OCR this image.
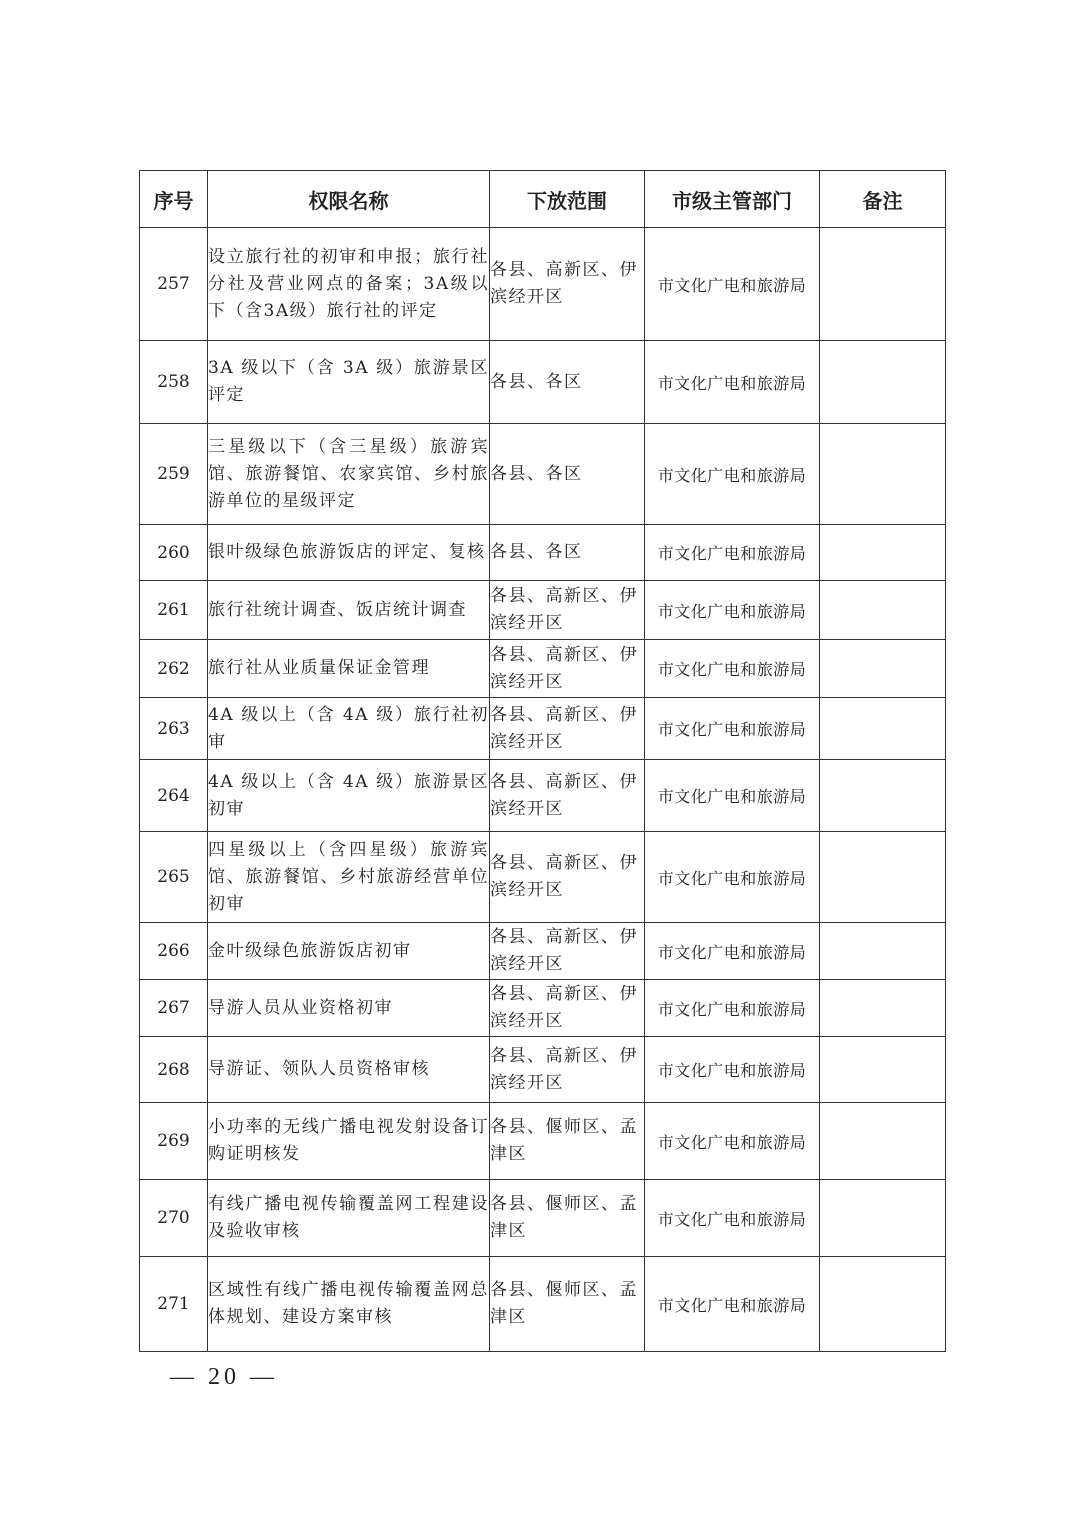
序号	权限名称	下放范围	市级主管部门	备注
257	设立旅行社的初审和申报；旅行社分社及营业网点的备案；3A级以下（含3A级）旅行社的评定	各县、高新区、伊滨经开区	市文化广电和旅游局	
258	3A 级以下（含 3A 级）旅游景区评定	各县、各区	市文化广电和旅游局	
259	三星级以下（含三星级）旅游宾馆、旅游餐馆、农家宾馆、乡村旅游单位的星级评定	各县、各区	市文化广电和旅游局	
260	银叶级绿色旅游饭店的评定、复核	各县、各区	市文化广电和旅游局	
261	旅行社统计调查、饭店统计调查	各县、高新区、伊滨经开区	市文化广电和旅游局	
262	旅行社从业质量保证金管理	各县、高新区、伊滨经开区	市文化广电和旅游局	
263	4A 级以上（含 4A 级）旅行社初审	各县、高新区、伊滨经开区	市文化广电和旅游局	
264	4A 级以上（含 4A 级）旅游景区初审	各县、高新区、伊滨经开区	市文化广电和旅游局	
265	四星级以上（含四星级）旅游宾馆、旅游餐馆、乡村旅游经营单位初审	各县、高新区、伊滨经开区	市文化广电和旅游局	
266	金叶级绿色旅游饭店初审	各县、高新区、伊滨经开区	市文化广电和旅游局	
267	导游人员从业资格初审	各县、高新区、伊滨经开区	市文化广电和旅游局	
268	导游证、领队人员资格审核	各县、高新区、伊滨经开区	市文化广电和旅游局	
269	小功率的无线广播电视发射设备订购证明核发	各县、偃师区、孟津区	市文化广电和旅游局	
270	有线广播电视传输覆盖网工程建设及验收审核	各县、偃师区、孟津区	市文化广电和旅游局	
271	区域性有线广播电视传输覆盖网总体规划、建设方案审核	各县、偃师区、孟津区	市文化广电和旅游局	
— 20 —
